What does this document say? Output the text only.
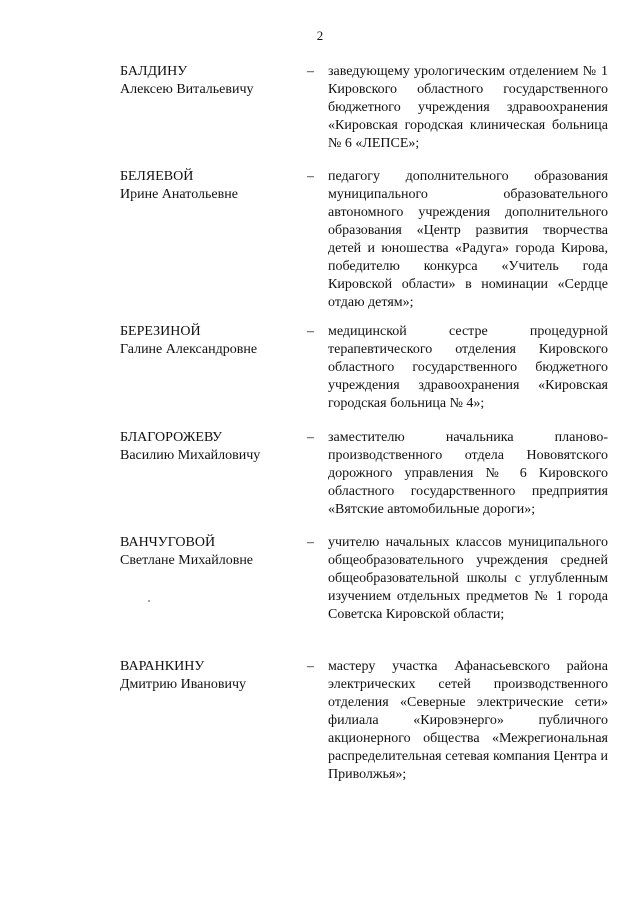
2
БАЛДИНУ
Алексею Витальевичу
– заведующему урологическим отделением № 1 Кировского областного государственного бюджетного учреждения здравоохранения «Кировская городская клиническая больница № 6 «ЛЕПСЕ»;
БЕЛЯЕВОЙ
Ирине Анатольевне
– педагогу дополнительного образования муниципального образовательного автономного учреждения дополнительного образования «Центр развития творчества детей и юношества «Радуга» города Кирова, победителю конкурса «Учитель года Кировской области» в номинации «Сердце отдаю детям»;
БЕРЕЗИНОЙ
Галине Александровне
– медицинской сестре процедурной терапевтического отделения Кировского областного государственного бюджетного учреждения здравоохранения «Кировская городская больница № 4»;
БЛАГОРОЖЕВУ
Василию Михайловичу
– заместителю начальника планово-производственного отдела Нововятского дорожного управления № 6 Кировского областного государственного предприятия «Вятские автомобильные дороги»;
ВАНЧУГОВОЙ
Светлане Михайловне
– учителю начальных классов муниципального общеобразовательного учреждения средней общеобразовательной школы с углубленным изучением отдельных предметов № 1 города Советска Кировской области;
ВАРАНКИНУ
Дмитрию Ивановичу
– мастеру участка Афанасьевского района электрических сетей производственного отделения «Северные электрические сети» филиала «Кировэнерго» публичного акционерного общества «Межрегиональная распределительная сетевая компания Центра и Приволжья»;
